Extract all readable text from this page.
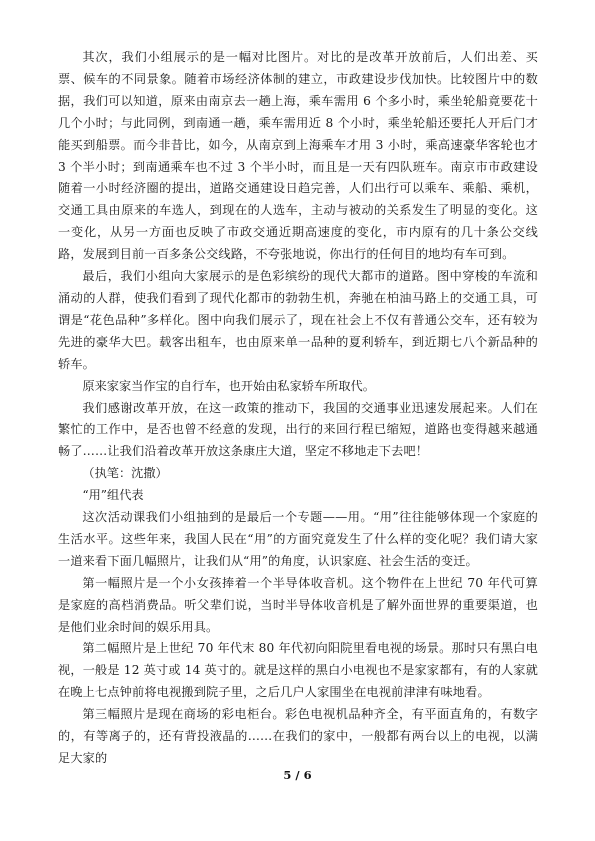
其次，我们小组展示的是一幅对比图片。对比的是改革开放前后，人们出差、买票、候车的不同景象。随着市场经济体制的建立，市政建设步伐加快。比较图片中的数据，我们可以知道，原来由南京去一趟上海，乘车需用 6 个多小时，乘坐轮船竟要花十几个小时；与此同例，到南通一趟，乘车需用近 8 个小时，乘坐轮船还要托人开后门才能买到船票。而今非昔比，如今，从南京到上海乘车才用 3 小时，乘高速豪华客轮也才 3 个半小时；到南通乘车也不过 3 个半小时，而且是一天有四队班车。南京市市政建设随着一小时经济圈的提出，道路交通建设日趋完善，人们出行可以乘车、乘船、乘机，交通工具由原来的车选人，到现在的人选车，主动与被动的关系发生了明显的变化。这一变化，从另一方面也反映了市政交通近期高速度的变化，市内原有的几十条公交线路，发展到目前一百多条公交线路，不夸张地说，你出行的任何目的地均有车可到。

最后，我们小组向大家展示的是色彩缤纷的现代大都市的道路。图中穿梭的车流和涌动的人群，使我们看到了现代化都市的勃勃生机，奔驰在柏油马路上的交通工具，可谓是“花色品种”多样化。图中向我们展示了，现在社会上不仅有普通公交车，还有较为先进的豪华大巴。载客出租车，也由原来单一品种的夏利轿车，到近期七八个新品种的轿车。

原来家家当作宝的自行车，也开始由私家轿车所取代。

我们感谢改革开放，在这一政策的推动下，我国的交通事业迅速发展起来。人们在繁忙的工作中，是否也曾不经意的发现，出行的来回行程已缩短，道路也变得越来越通畅了……让我们沿着改革开放这条康庄大道，坚定不移地走下去吧！

（执笔：沈撒）

“用”组代表

这次活动课我们小组抽到的是最后一个专题——用。“用”往往能够体现一个家庭的生活水平。这些年来，我国人民在“用”的方面究竟发生了什么样的变化呢？我们请大家一道来看下面几幅照片，让我们从“用”的角度，认识家庭、社会生活的变迁。

第一幅照片是一个小女孩捧着一个半导体收音机。这个物件在上世纪 70 年代可算是家庭的高档消费品。听父辈们说，当时半导体收音机是了解外面世界的重要渠道，也是他们业余时间的娱乐用具。

第二幅照片是上世纪 70 年代末 80 年代初向阳院里看电视的场景。那时只有黑白电视，一般是 12 英寸或 14 英寸的。就是这样的黑白小电视也不是家家都有，有的人家就在晚上七点钟前将电视搬到院子里，之后几户人家围坐在电视前津津有味地看。

第三幅照片是现在商场的彩电柜台。彩色电视机品种齐全，有平面直角的，有数字的，有等离子的，还有背投液晶的……在我们的家中，一般都有两台以上的电视，以满足大家的

5 / 6
